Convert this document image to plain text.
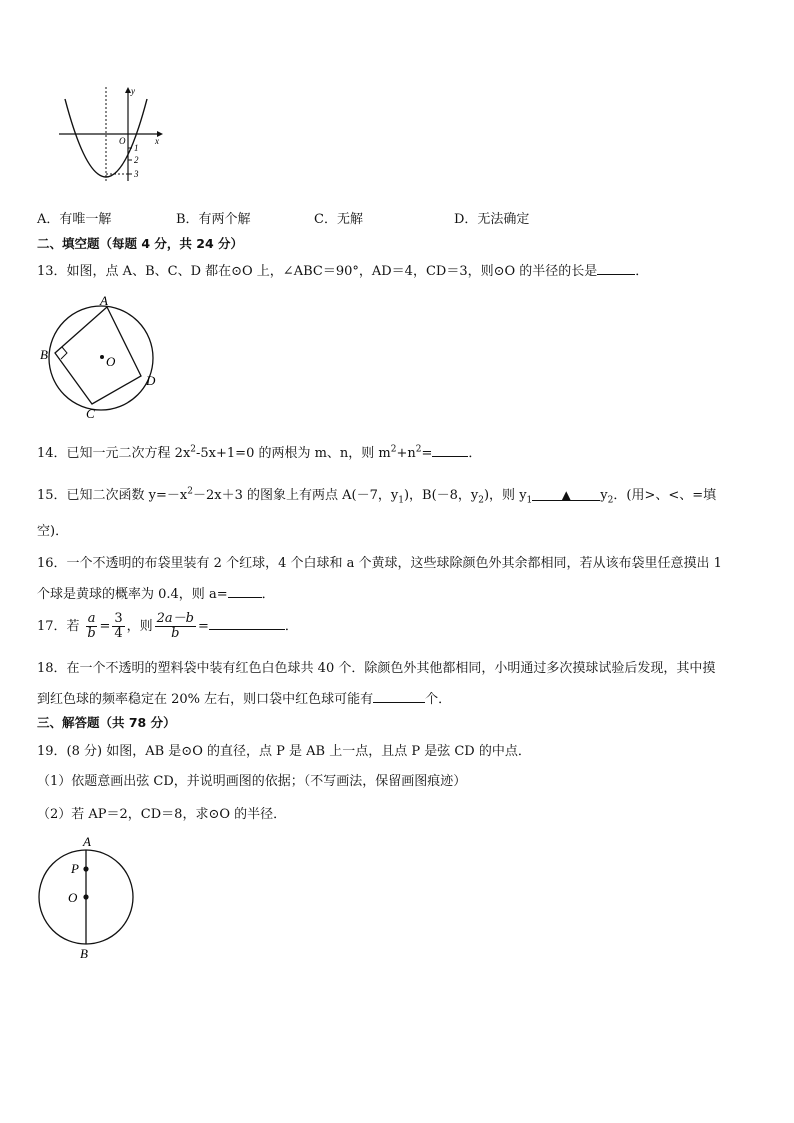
y
O	x
1
2
3
A．有唯一解	B．有两个解	C．无解	D．无法确定
二、填空题（每题 4 分，共 24 分）
13．如图，点 A、B、C、D 都在⊙O 上，∠ABC＝90°，AD＝4，CD＝3，则⊙O 的半径的长是	．
A
B
C
D
O
14．已知一元二次方程 $2x^2-5x+1=0$ 的两根为 m、n，则 $m^2+n^2=$	．
15．已知二次函数 $y=-x^2-2x+3$ 的图象上有两点 A(－7，$y_1$)，B(－8，$y_2$)，则 $y_1$ ▲ $y_2$．(用>、<、=填
空)．
16．一个不透明的布袋里装有 2 个红球，4 个白球和 a 个黄球，这些球除颜色外其余都相同，若从该布袋里任意摸出 1
个球是黄球的概率为 0.4，则 a=	．
17．若 $\frac{a}{b} = \frac{3}{4}$ ，则 $\frac{2a-b}{b}$ =	．
18．在一个不透明的塑料袋中装有红色白色球共 40 个．除颜色外其他都相同，小明通过多次摸球试验后发现，其中摸
到红色球的频率稳定在 20% 左右，则口袋中红色球可能有	个．
三、解答题（共 78 分）
19．(8 分) 如图，AB 是⊙O 的直径，点 P 是 AB 上一点，且点 P 是弦 CD 的中点．
（1）依题意画出弦 CD，并说明画图的依据；（不写画法，保留画图痕迹）
（2）若 AP＝2，CD＝8，求⊙O 的半径．
A
P
O
B
